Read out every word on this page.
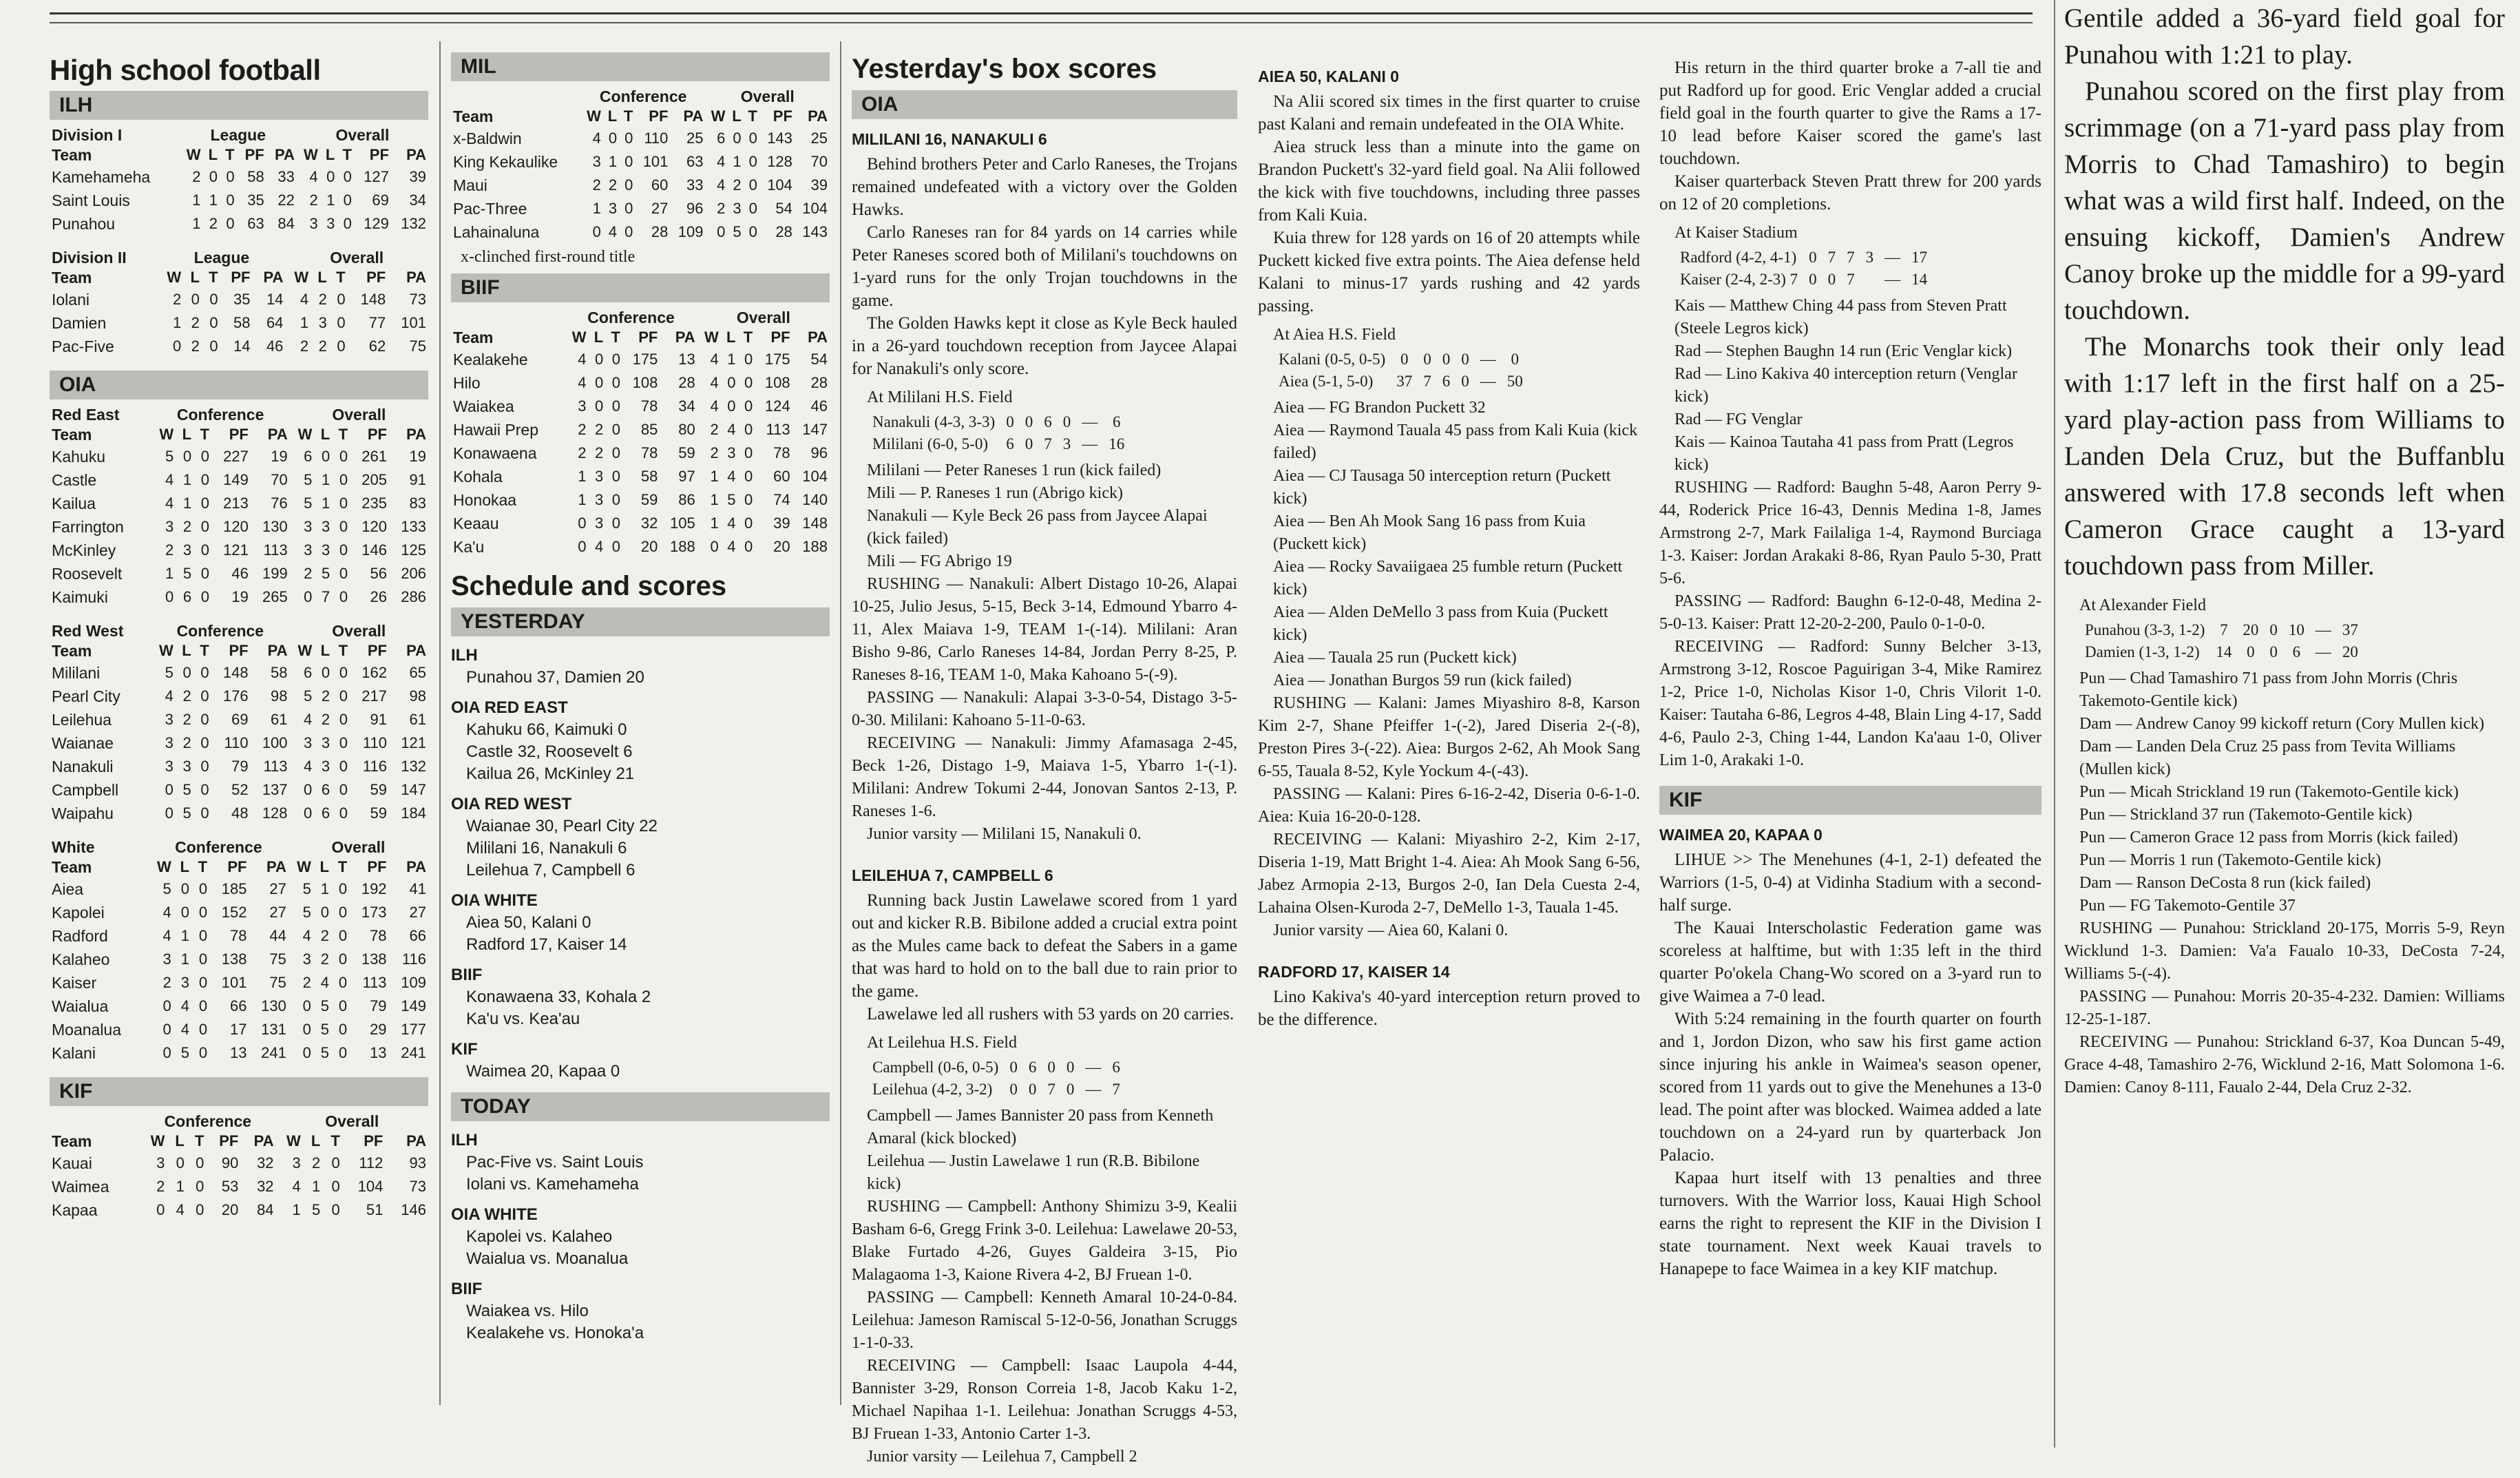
High school football
ILH
Division I	League					Overall				
Team	W	L	T	PF	PA	W	L	T	PF	PA
Kamehameha	2	0	0	58	33	4	0	0	127	39
Saint Louis	1	1	0	35	22	2	1	0	69	34
Punahou	1	2	0	63	84	3	3	0	129	132
Division II	League					Overall				
Team	W	L	T	PF	PA	W	L	T	PF	PA
Iolani	2	0	0	35	14	4	2	0	148	73
Damien	1	2	0	58	64	1	3	0	77	101
Pac-Five	0	2	0	14	46	2	2	0	62	75
OIA
Red East	Conference					Overall				
Team	W	L	T	PF	PA	W	L	T	PF	PA
Kahuku	5	0	0	227	19	6	0	0	261	19
Castle	4	1	0	149	70	5	1	0	205	91
Kailua	4	1	0	213	76	5	1	0	235	83
Farrington	3	2	0	120	130	3	3	0	120	133
McKinley	2	3	0	121	113	3	3	0	146	125
Roosevelt	1	5	0	46	199	2	5	0	56	206
Kaimuki	0	6	0	19	265	0	7	0	26	286
Red West	Conference					Overall				
Team	W	L	T	PF	PA	W	L	T	PF	PA
Mililani	5	0	0	148	58	6	0	0	162	65
Pearl City	4	2	0	176	98	5	2	0	217	98
Leilehua	3	2	0	69	61	4	2	0	91	61
Waianae	3	2	0	110	100	3	3	0	110	121
Nanakuli	3	3	0	79	113	4	3	0	116	132
Campbell	0	5	0	52	137	0	6	0	59	147
Waipahu	0	5	0	48	128	0	6	0	59	184
White	Conference					Overall				
Team	W	L	T	PF	PA	W	L	T	PF	PA
Aiea	5	0	0	185	27	5	1	0	192	41
Kapolei	4	0	0	152	27	5	0	0	173	27
Radford	4	1	0	78	44	4	2	0	78	66
Kalaheo	3	1	0	138	75	3	2	0	138	116
Kaiser	2	3	0	101	75	2	4	0	113	109
Waialua	0	4	0	66	130	0	5	0	79	149
Moanalua	0	4	0	17	131	0	5	0	29	177
Kalani	0	5	0	13	241	0	5	0	13	241
KIF
	Conference					Overall				
Team	W	L	T	PF	PA	W	L	T	PF	PA
Kauai	3	0	0	90	32	3	2	0	112	93
Waimea	2	1	0	53	32	4	1	0	104	73
Kapaa	0	4	0	20	84	1	5	0	51	146
MIL
	Conference					Overall				
Team	W	L	T	PF	PA	W	L	T	PF	PA
x-Baldwin	4	0	0	110	25	6	0	0	143	25
King Kekaulike	3	1	0	101	63	4	1	0	128	70
Maui	2	2	0	60	33	4	2	0	104	39
Pac-Three	1	3	0	27	96	2	3	0	54	104
Lahainaluna	0	4	0	28	109	0	5	0	28	143
x-clinched first-round title
BIIF
	Conference					Overall				
Team	W	L	T	PF	PA	W	L	T	PF	PA
Kealakehe	4	0	0	175	13	4	1	0	175	54
Hilo	4	0	0	108	28	4	0	0	108	28
Waiakea	3	0	0	78	34	4	0	0	124	46
Hawaii Prep	2	2	0	85	80	2	4	0	113	147
Konawaena	2	2	0	78	59	2	3	0	78	96
Kohala	1	3	0	58	97	1	4	0	60	104
Honokaa	1	3	0	59	86	1	5	0	74	140
Keaau	0	3	0	32	105	1	4	0	39	148
Ka'u	0	4	0	20	188	0	4	0	20	188
Schedule and scores
YESTERDAY
ILH
Punahou 37, Damien 20
OIA RED EAST
Kahuku 66, Kaimuki 0
Castle 32, Roosevelt 6
Kailua 26, McKinley 21
OIA RED WEST
Waianae 30, Pearl City 22
Mililani 16, Nanakuli 6
Leilehua 7, Campbell 6
OIA WHITE
Aiea 50, Kalani 0
Radford 17, Kaiser 14
BIIF
Konawaena 33, Kohala 2
Ka'u vs. Kea'au
KIF
Waimea 20, Kapaa 0
TODAY
ILH
Pac-Five vs. Saint Louis
Iolani vs. Kamehameha
OIA WHITE
Kapolei vs. Kalaheo
Waialua vs. Moanalua
BIIF
Waiakea vs. Hilo
Kealakehe vs. Honoka'a
Yesterday's box scores
OIA
MILILANI 16, NANAKULI 6

Behind brothers Peter and Carlo Raneses, the Trojans remained undefeated with a victory over the Golden Hawks.

Carlo Raneses ran for 84 yards on 14 carries while Peter Raneses scored both of Mililani's touchdowns on 1-yard runs for the only Trojan touchdowns in the game.

The Golden Hawks kept it close as Kyle Beck hauled in a 26-yard touchdown reception from Jaycee Alapai for Nanakuli's only score.

At Mililani H.S. Field
Nanakuli (4-3, 3-3)	0	0	6	0	—	6
Mililani (6-0, 5-0)	6	0	7	3	—	16
Mililani — Peter Raneses 1 run (kick failed)
Mili — P. Raneses 1 run (Abrigo kick)
Nanakuli — Kyle Beck 26 pass from Jaycee Alapai (kick failed)
Mili — FG Abrigo 19

RUSHING — Nanakuli: Albert Distago 10-26, Alapai 10-25, Julio Jesus, 5-15, Beck 3-14, Edmound Ybarro 4-11, Alex Maiava 1-9, TEAM 1-(-14). Mililani: Aran Bisho 9-86, Carlo Raneses 14-84, Jordan Perry 8-25, P. Raneses 8-16, TEAM 1-0, Maka Kahoano 5-(-9).

PASSING — Nanakuli: Alapai 3-3-0-54, Distago 3-5-0-30. Mililani: Kahoano 5-11-0-63.

RECEIVING — Nanakuli: Jimmy Afamasaga 2-45, Beck 1-26, Distago 1-9, Maiava 1-5, Ybarro 1-(-1). Mililani: Andrew Tokumi 2-44, Jonovan Santos 2-13, P. Raneses 1-6.

Junior varsity — Mililani 15, Nanakuli 0.

LEILEHUA 7, CAMPBELL 6

Running back Justin Lawelawe scored from 1 yard out and kicker R.B. Bibilone added a crucial extra point as the Mules came back to defeat the Sabers in a game that was hard to hold on to the ball due to rain prior to the game.

Lawelawe led all rushers with 53 yards on 20 carries.

At Leilehua H.S. Field
Campbell (0-6, 0-5)	0	6	0	0	—	6
Leilehua (4-2, 3-2)	0	0	7	0	—	7
Campbell — James Bannister 20 pass from Kenneth Amaral (kick blocked)
Leilehua — Justin Lawelawe 1 run (R.B. Bibilone kick)

RUSHING — Campbell: Anthony Shimizu 3-9, Kealii Basham 6-6, Gregg Frink 3-0. Leilehua: Lawelawe 20-53, Blake Furtado 4-26, Guyes Galdeira 3-15, Pio Malagaoma 1-3, Kaione Rivera 4-2, BJ Fruean 1-0.

PASSING — Campbell: Kenneth Amaral 10-24-0-84. Leilehua: Jameson Ramiscal 5-12-0-56, Jonathan Scruggs 1-1-0-33.

RECEIVING — Campbell: Isaac Laupola 4-44, Bannister 3-29, Ronson Correia 1-8, Jacob Kaku 1-2, Michael Napihaa 1-1. Leilehua: Jonathan Scruggs 4-53, BJ Fruean 1-33, Antonio Carter 1-3.

Junior varsity — Leilehua 7, Campbell 2

AIEA 50, KALANI 0

Na Alii scored six times in the first quarter to cruise past Kalani and remain undefeated in the OIA White.

Aiea struck less than a minute into the game on Brandon Puckett's 32-yard field goal. Na Alii followed the kick with five touchdowns, including three passes from Kali Kuia.

Kuia threw for 128 yards on 16 of 20 attempts while Puckett kicked five extra points. The Aiea defense held Kalani to minus-17 yards rushing and 42 yards passing.

At Aiea H.S. Field
Kalani (0-5, 0-5)	0	0	0	0	—	0
Aiea (5-1, 5-0)	37	7	6	0	—	50
Aiea — FG Brandon Puckett 32
Aiea — Raymond Tauala 45 pass from Kali Kuia (kick failed)
Aiea — CJ Tausaga 50 interception return (Puckett kick)
Aiea — Ben Ah Mook Sang 16 pass from Kuia (Puckett kick)
Aiea — Rocky Savaiigaea 25 fumble return (Puckett kick)
Aiea — Alden DeMello 3 pass from Kuia (Puckett kick)
Aiea — Tauala 25 run (Puckett kick)
Aiea — Jonathan Burgos 59 run (kick failed)

RUSHING — Kalani: James Miyashiro 8-8, Karson Kim 2-7, Shane Pfeiffer 1-(-2), Jared Diseria 2-(-8), Preston Pires 3-(-22). Aiea: Burgos 2-62, Ah Mook Sang 6-55, Tauala 8-52, Kyle Yockum 4-(-43).

PASSING — Kalani: Pires 6-16-2-42, Diseria 0-6-1-0. Aiea: Kuia 16-20-0-128.

RECEIVING — Kalani: Miyashiro 2-2, Kim 2-17, Diseria 1-19, Matt Bright 1-4. Aiea: Ah Mook Sang 6-56, Jabez Armopia 2-13, Burgos 2-0, Ian Dela Cuesta 2-4, Lahaina Olsen-Kuroda 2-7, DeMello 1-3, Tauala 1-45.

Junior varsity — Aiea 60, Kalani 0.

RADFORD 17, KAISER 14

Lino Kakiva's 40-yard interception return proved to be the difference.

His return in the third quarter broke a 7-all tie and put Radford up for good. Eric Venglar added a crucial field goal in the fourth quarter to give the Rams a 17-10 lead before Kaiser scored the game's last touchdown.

Kaiser quarterback Steven Pratt threw for 200 yards on 12 of 20 completions.

At Kaiser Stadium
Radford (4-2, 4-1)	0	7	7	3	—	17
Kaiser (2-4, 2-3) 7	0	0	7		—	14
Kais — Matthew Ching 44 pass from Steven Pratt (Steele Legros kick)
Rad — Stephen Baughn 14 run (Eric Venglar kick)
Rad — Lino Kakiva 40 interception return (Venglar kick)
Rad — FG Venglar
Kais — Kainoa Tautaha 41 pass from Pratt (Legros kick)

RUSHING — Radford: Baughn 5-48, Aaron Perry 9-44, Roderick Price 16-43, Dennis Medina 1-8, James Armstrong 2-7, Mark Failaliga 1-4, Raymond Burciaga 1-3. Kaiser: Jordan Arakaki 8-86, Ryan Paulo 5-30, Pratt 5-6.

PASSING — Radford: Baughn 6-12-0-48, Medina 2-5-0-13. Kaiser: Pratt 12-20-2-200, Paulo 0-1-0-0.

RECEIVING — Radford: Sunny Belcher 3-13, Armstrong 3-12, Roscoe Paguirigan 3-4, Mike Ramirez 1-2, Price 1-0, Nicholas Kisor 1-0, Chris Vilorit 1-0. Kaiser: Tautaha 6-86, Legros 4-48, Blain Ling 4-17, Sadd 4-6, Paulo 2-3, Ching 1-44, Landon Ka'aau 1-0, Oliver Lim 1-0, Arakaki 1-0.

KIF
WAIMEA 20, KAPAA 0

LIHUE >> The Menehunes (4-1, 2-1) defeated the Warriors (1-5, 0-4) at Vidinha Stadium with a second-half surge.

The Kauai Interscholastic Federation game was scoreless at halftime, but with 1:35 left in the third quarter Po'okela Chang-Wo scored on a 3-yard run to give Waimea a 7-0 lead.

With 5:24 remaining in the fourth quarter on fourth and 1, Jordon Dizon, who saw his first game action since injuring his ankle in Waimea's season opener, scored from 11 yards out to give the Menehunes a 13-0 lead. The point after was blocked. Waimea added a late touchdown on a 24-yard run by quarterback Jon Palacio.

Kapaa hurt itself with 13 penalties and three turnovers. With the Warrior loss, Kauai High School earns the right to represent the KIF in the Division I state tournament. Next week Kauai travels to Hanapepe to face Waimea in a key KIF matchup.

Gentile added a 36-yard field goal for Punahou with 1:21 to play.

Punahou scored on the first play from scrimmage (on a 71-yard pass play from Morris to Chad Tamashiro) to begin what was a wild first half. Indeed, on the ensuing kickoff, Damien's Andrew Canoy broke up the middle for a 99-yard touchdown.

The Monarchs took their only lead with 1:17 left in the first half on a 25-yard play-action pass from Williams to Landen Dela Cruz, but the Buffanblu answered with 17.8 seconds left when Cameron Grace caught a 13-yard touchdown pass from Miller.

At Alexander Field
Punahou (3-3, 1-2)	7	20	0	10	—	37
Damien (1-3, 1-2)	14	0	0	6	—	20
Pun — Chad Tamashiro 71 pass from John Morris (Chris Takemoto-Gentile kick)
Dam — Andrew Canoy 99 kickoff return (Cory Mullen kick)
Dam — Landen Dela Cruz 25 pass from Tevita Williams (Mullen kick)
Pun — Micah Strickland 19 run (Takemoto-Gentile kick)
Pun — Strickland 37 run (Takemoto-Gentile kick)
Pun — Cameron Grace 12 pass from Morris (kick failed)
Pun — Morris 1 run (Takemoto-Gentile kick)
Dam — Ranson DeCosta 8 run (kick failed)
Pun — FG Takemoto-Gentile 37

RUSHING — Punahou: Strickland 20-175, Morris 5-9, Reyn Wicklund 1-3. Damien: Va'a Faualo 10-33, DeCosta 7-24, Williams 5-(-4).

PASSING — Punahou: Morris 20-35-4-232. Damien: Williams 12-25-1-187.

RECEIVING — Punahou: Strickland 6-37, Koa Duncan 5-49, Grace 4-48, Tamashiro 2-76, Wicklund 2-16, Matt Solomona 1-6. Damien: Canoy 8-111, Faualo 2-44, Dela Cruz 2-32.
